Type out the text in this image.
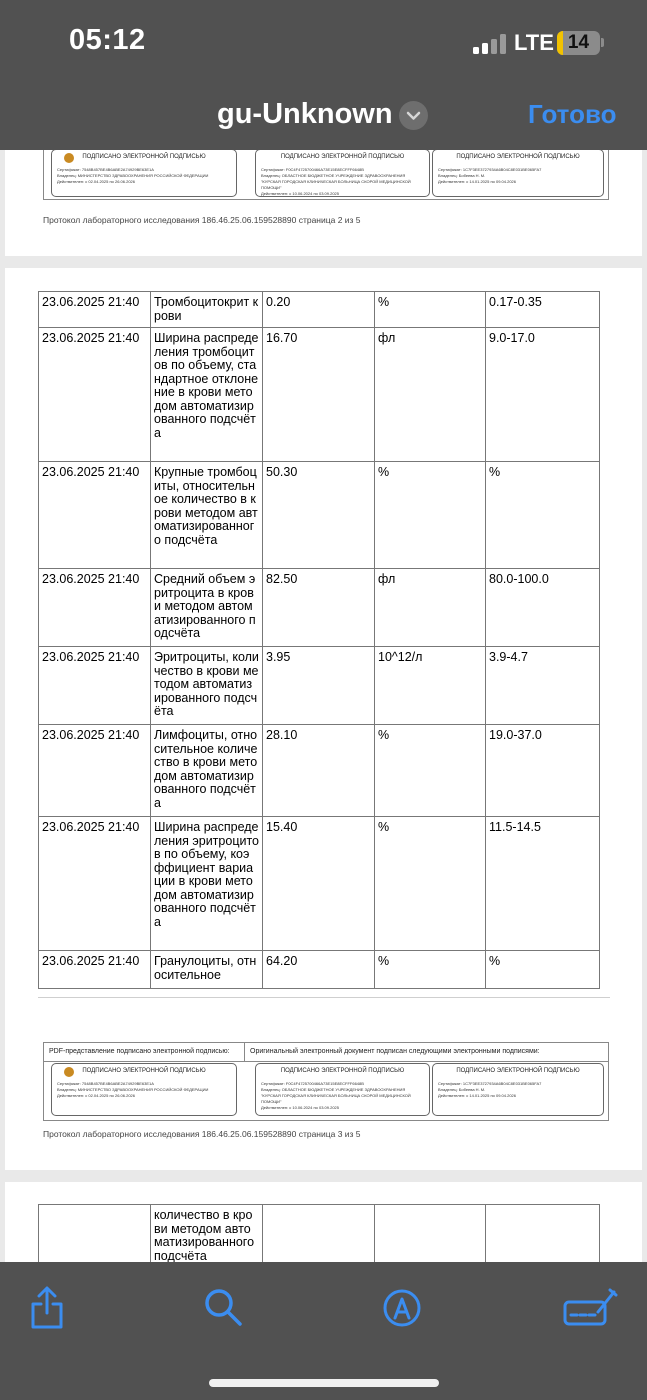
05:12	LTE 14
gu-Unknown	Готово
ПОДПИСАНО ЭЛЕКТРОННОЙ ПОДПИСЬЮ
Сертификат: 7548B457BE4B6ABE2A74929BE63E1A
Владелец: МИНИСТЕРСТВО ЗДРАВООХРАНЕНИЯ РОССИЙСКОЙ ФЕДЕРАЦИИ
Действителен: с 02.04.2025 по 26.06.2026
ПОДПИСАНО ЭЛЕКТРОННОЙ ПОДПИСЬЮ
Сертификат: F0C4F4725700466A73E15E8ECFFF6648B
Владелец: ОБЛАСТНОЕ БЮДЖЕТНОЕ УЧРЕЖДЕНИЕ ЗДРАВООХРАНЕНИЯ "КУРСКАЯ ГОРОДСКАЯ КЛИНИЧЕСКАЯ БОЛЬНИЦА СКОРОЙ МЕДИЦИНСКОЙ ПОМОЩИ"
Действителен: с 10.06.2024 по 03.09.2025
ПОДПИСАНО ЭЛЕКТРОННОЙ ПОДПИСЬЮ
Сертификат: 1C7F3EE3727934A6B04C8E031BE065FA7
Владелец: Бобеева Н. М.
Действителен: с 14.01.2025 по 09.04.2026
Протокол лабораторного исследования 186.46.25.06.159528890 страница 2 из 5
23.06.2025 21:40	Тромбоцитокрит крови	0.20	%	0.17-0.35
23.06.2025 21:40	Ширина распределения тромбоцитов по объему, стандартное отклонение в крови методом автоматизированного подсчёта	16.70	фл	9.0-17.0
23.06.2025 21:40	Крупные тромбоциты, относительное количество в крови методом автоматизированного подсчёта	50.30	%	%
23.06.2025 21:40	Средний объем эритроцита в крови методом автоматизированного подсчёта	82.50	фл	80.0-100.0
23.06.2025 21:40	Эритроциты, количество в крови методом автоматизированного подсчёта	3.95	10^12/л	3.9-4.7
23.06.2025 21:40	Лимфоциты, относительное количество в крови методом автоматизированного подсчёта	28.10	%	19.0-37.0
23.06.2025 21:40	Ширина распределения эритроцитов по объему, коэффициент вариации в крови методом автоматизированного подсчёта	15.40	%	11.5-14.5
23.06.2025 21:40	Гранулоциты, относительное	64.20	%	%
PDF-представление подписано электронной подписью:	Оригинальный электронный документ подписан следующими электронными подписями:
ПОДПИСАНО ЭЛЕКТРОННОЙ ПОДПИСЬЮ
Сертификат: 7548B457BE4B6ABE2A74929BE63E1A
Владелец: МИНИСТЕРСТВО ЗДРАВООХРАНЕНИЯ РОССИЙСКОЙ ФЕДЕРАЦИИ
Действителен: с 02.04.2025 по 26.06.2026
ПОДПИСАНО ЭЛЕКТРОННОЙ ПОДПИСЬЮ
Сертификат: F0C4F4725700466A73E15E8ECFFF6648B
Владелец: ОБЛАСТНОЕ БЮДЖЕТНОЕ УЧРЕЖДЕНИЕ ЗДРАВООХРАНЕНИЯ "КУРСКАЯ ГОРОДСКАЯ КЛИНИЧЕСКАЯ БОЛЬНИЦА СКОРОЙ МЕДИЦИНСКОЙ ПОМОЩИ"
Действителен: с 10.06.2024 по 03.09.2025
ПОДПИСАНО ЭЛЕКТРОННОЙ ПОДПИСЬЮ
Сертификат: 1C7F3EE3727934A6B04C8E031BE065FA7
Владелец: Бобеева Н. М.
Действителен: с 14.01.2025 по 09.04.2026
Протокол лабораторного исследования 186.46.25.06.159528890 страница 3 из 5
	количество в крови методом автоматизированного подсчёта			
